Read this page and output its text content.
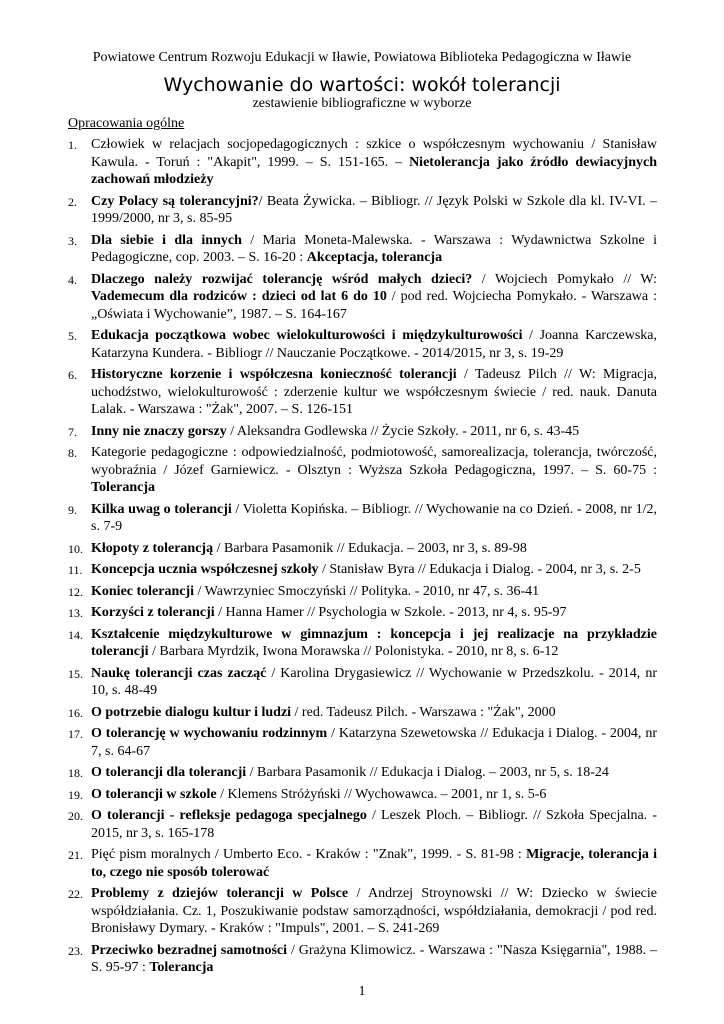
Powiatowe Centrum Rozwoju Edukacji w Iławie, Powiatowa Biblioteka Pedagogiczna w Iławie
Wychowanie do wartości: wokół tolerancji
zestawienie bibliograficzne w wyborze
Opracowania ogólne
1. Człowiek w relacjach socjopedagogicznych : szkice o współczesnym wychowaniu / Stanisław Kawula. - Toruń : "Akapit", 1999. – S. 151-165. – Nietolerancja jako źródło dewiacyjnych zachowań młodzieży
2. Czy Polacy są tolerancyjni?/ Beata Żywicka. – Bibliogr. // Język Polski w Szkole dla kl. IV-VI. – 1999/2000, nr 3, s. 85-95
3. Dla siebie i dla innych / Maria Moneta-Malewska. - Warszawa : Wydawnictwa Szkolne i Pedagogiczne, cop. 2003. – S. 16-20 : Akceptacja, tolerancja
4. Dlaczego należy rozwijać tolerancję wśród małych dzieci? / Wojciech Pomykało // W: Vademecum dla rodziców : dzieci od lat 6 do 10 / pod red. Wojciecha Pomykało. - Warszawa : „Oświata i Wychowanie”, 1987. – S. 164-167
5. Edukacja początkowa wobec wielokulturowości i międzykulturowości / Joanna Karczewska, Katarzyna Kundera. - Bibliogr // Nauczanie Początkowe. - 2014/2015, nr 3, s. 19-29
6. Historyczne korzenie i współczesna konieczność tolerancji / Tadeusz Pilch // W: Migracja, uchodźstwo, wielokulturowość : zderzenie kultur we współczesnym świecie / red. nauk. Danuta Lalak. - Warszawa : "Żak", 2007. – S. 126-151
7. Inny nie znaczy gorszy / Aleksandra Godlewska // Życie Szkoły. - 2011, nr 6, s. 43-45
8. Kategorie pedagogiczne : odpowiedzialność, podmiotowość, samorealizacja, tolerancja, twórczość, wyobraźnia / Józef Garniewicz. - Olsztyn : Wyższa Szkoła Pedagogiczna, 1997. – S. 60-75 : Tolerancja
9. Kilka uwag o tolerancji / Violetta Kopińska. – Bibliogr. // Wychowanie na co Dzień. - 2008, nr 1/2, s. 7-9
10. Kłopoty z tolerancją / Barbara Pasamonik // Edukacja. – 2003, nr 3, s. 89-98
11. Koncepcja ucznia współczesnej szkoły / Stanisław Byra // Edukacja i Dialog. - 2004, nr 3, s. 2-5
12. Koniec tolerancji / Wawrzyniec Smoczyński // Polityka. - 2010, nr 47, s. 36-41
13. Korzyści z tolerancji / Hanna Hamer // Psychologia w Szkole. - 2013, nr 4, s. 95-97
14. Kształcenie międzykulturowe w gimnazjum : koncepcja i jej realizacje na przykładzie tolerancji / Barbara Myrdzik, Iwona Morawska // Polonistyka. - 2010, nr 8, s. 6-12
15. Naukę tolerancji czas zacząć / Karolina Drygasiewicz // Wychowanie w Przedszkolu. - 2014, nr 10, s. 48-49
16. O potrzebie dialogu kultur i ludzi / red. Tadeusz Pilch. - Warszawa : "Żak", 2000
17. O tolerancję w wychowaniu rodzinnym / Katarzyna Szewetowska // Edukacja i Dialog. - 2004, nr 7, s. 64-67
18. O tolerancji dla tolerancji / Barbara Pasamonik // Edukacja i Dialog. – 2003, nr 5, s. 18-24
19. O tolerancji w szkole / Klemens Stróżyński // Wychowawca. – 2001, nr 1, s. 5-6
20. O tolerancji - refleksje pedagoga specjalnego / Leszek Ploch. – Bibliogr. // Szkoła Specjalna. - 2015, nr 3, s. 165-178
21. Pięć pism moralnych / Umberto Eco. - Kraków : "Znak", 1999. - S. 81-98 : Migracje, tolerancja i to, czego nie sposób tolerować
22. Problemy z dziejów tolerancji w Polsce / Andrzej Stroynowski // W: Dziecko w świecie współdziałania. Cz. 1, Poszukiwanie podstaw samorządności, współdziałania, demokracji / pod red. Bronisławy Dymary. - Kraków : "Impuls", 2001. – S. 241-269
23. Przeciwko bezradnej samotności / Grażyna Klimowicz. - Warszawa : "Nasza Księgarnia", 1988. – S. 95-97 : Tolerancja
1
